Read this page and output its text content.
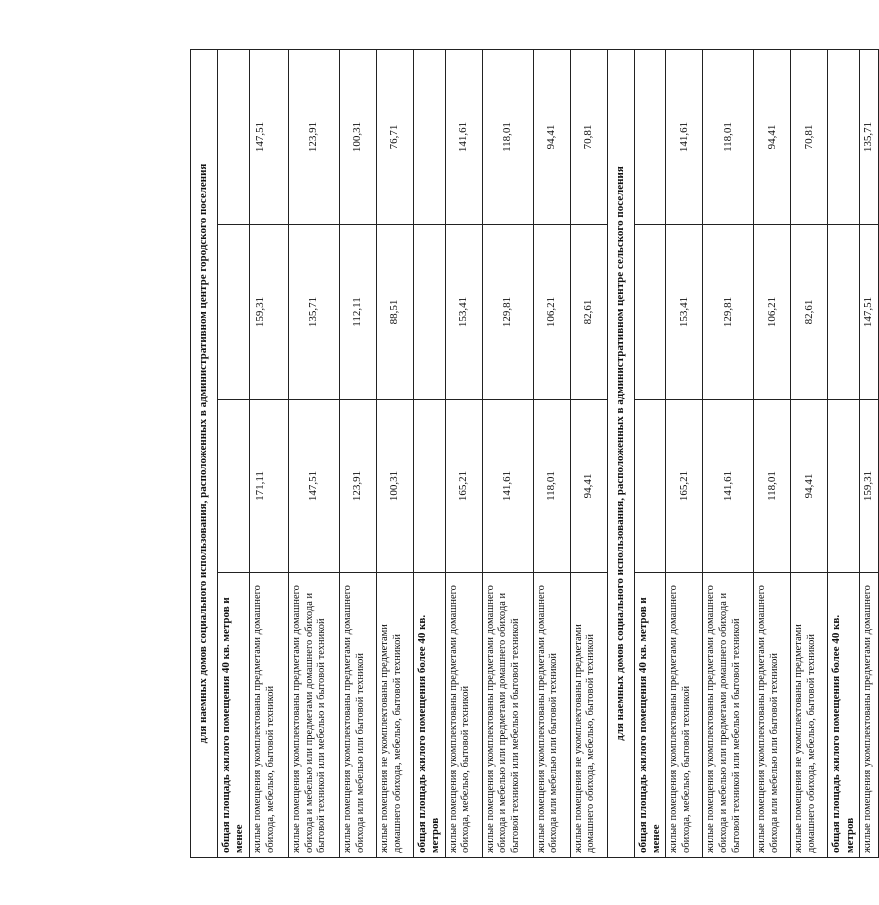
для наемных домов социального использования, расположенных в административном центре городского поселения			
общая площадь жилого помещения 40 кв. метров и менее			
жилые помещения укомплектованы предметами домашнего обихода, мебелью, бытовой техникой	171,11	159,31	147,51
жилые помещения укомплектованы предметами домашнего обихода и мебелью или предметами домашнего обихода и бытовой техникой или мебелью и бытовой техникой	147,51	135,71	123,91
жилые помещения укомплектованы предметами домашнего обихода или мебелью или бытовой техникой	123,91	112,11	100,31
жилые помещения не укомплектованы предметами домашнего обихода, мебелью, бытовой техникой	100,31	88,51	76,71
общая площадь жилого помещения более 40 кв. метров			
жилые помещения укомплектованы предметами домашнего обихода, мебелью, бытовой техникой	165,21	153,41	141,61
жилые помещения укомплектованы предметами домашнего обихода и мебелью или предметами домашнего обихода и бытовой техникой или мебелью и бытовой техникой	141,61	129,81	118,01
жилые помещения укомплектованы предметами домашнего обихода или мебелью или бытовой техникой	118,01	106,21	94,41
жилые помещения не укомплектованы предметами домашнего обихода, мебелью, бытовой техникой	94,41	82,61	70,81
для наемных домов социального использования, расположенных в административном центре сельского поселения			
общая площадь жилого помещения 40 кв. метров и менее			
жилые помещения укомплектованы предметами домашнего обихода, мебелью, бытовой техникой	165,21	153,41	141,61
жилые помещения укомплектованы предметами домашнего обихода и мебелью или предметами домашнего обихода и бытовой техникой или мебелью и бытовой техникой	141,61	129,81	118,01
жилые помещения укомплектованы предметами домашнего обихода или мебелью или бытовой техникой	118,01	106,21	94,41
жилые помещения не укомплектованы предметами домашнего обихода, мебелью, бытовой техникой	94,41	82,61	70,81
общая площадь жилого помещения более 40 кв. метров			
жилые помещения укомплектованы предметами домашнего	159,31	147,51	135,71
